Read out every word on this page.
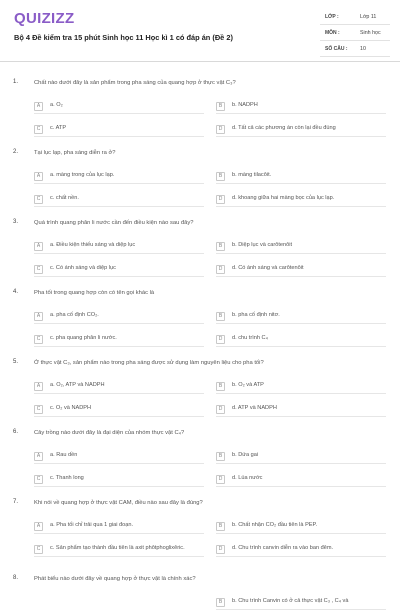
QUIZIZZ
Bộ 4 Đề kiểm tra 15 phút Sinh học 11 Học kì 1 có đáp án (Đề 2)
LỚP :	Lớp 11
MÔN :	Sinh học
SỐ CÂU : 10
1.	Chất nào dưới đây là sản phẩm trong pha sáng của quang hợp ở thực vật C₃?
A	a. O₂	B	b. NADPH
C	c. ATP	D	d. Tất cả các phương án còn lại đều đúng
2.	Tại lục lạp, pha sáng diễn ra ở?
A	a. màng trong của lục lạp.	B	b. màng tilacôit.
C	c. chất nền.	D	d. khoang giữa hai màng bọc của lục lạp.
3.	Quá trình quang phân li nước cần đến điều kiện nào sau đây?
A	a. Điều kiện thiếu sáng và diệp lục	B	b. Diệp lục và carôtenôit
C	c. Có ánh sáng và diệp lục	D	d. Có ánh sáng và carôtenôit
4.	Pha tối trong quang hợp còn có tên gọi khác là
A	a. pha cố định CO₂.	B	b. pha cố định nitơ.
C	c. pha quang phân li nước.	D	d. chu trình C₄
5.	Ở thực vật C₃, sản phẩm nào trong pha sáng được sử dụng làm nguyên liệu cho pha tối?
A	a. O₂, ATP và NADPH	B	b. O₂ và ATP
C	c. O₂ và NADPH	D	d. ATP và NADPH
6.	Cây trồng nào dưới đây là đại diện của nhóm thực vật C₄?
A	a. Rau dền	B	b. Dứa gai
C	c. Thanh long	D	d. Lúa nước
7.	Khi nói về quang hợp ở thực vật CAM, điều nào sau đây là đúng?
A	a. Pha tối chỉ trải qua 1 giai đoạn.	B	b. Chất nhận CO₂ đầu tiên là PEP.
C	c. Sản phẩm tạo thành đầu tiên là axit phôtphoglixêric.	D	d. Chu trình canvin diễn ra vào ban đêm.
8.	Phát biểu nào dưới đây về quang hợp ở thực vật là chính xác?
B	b. Chu trình Canvin có ở cả thực vật C₃ , C₄ và
